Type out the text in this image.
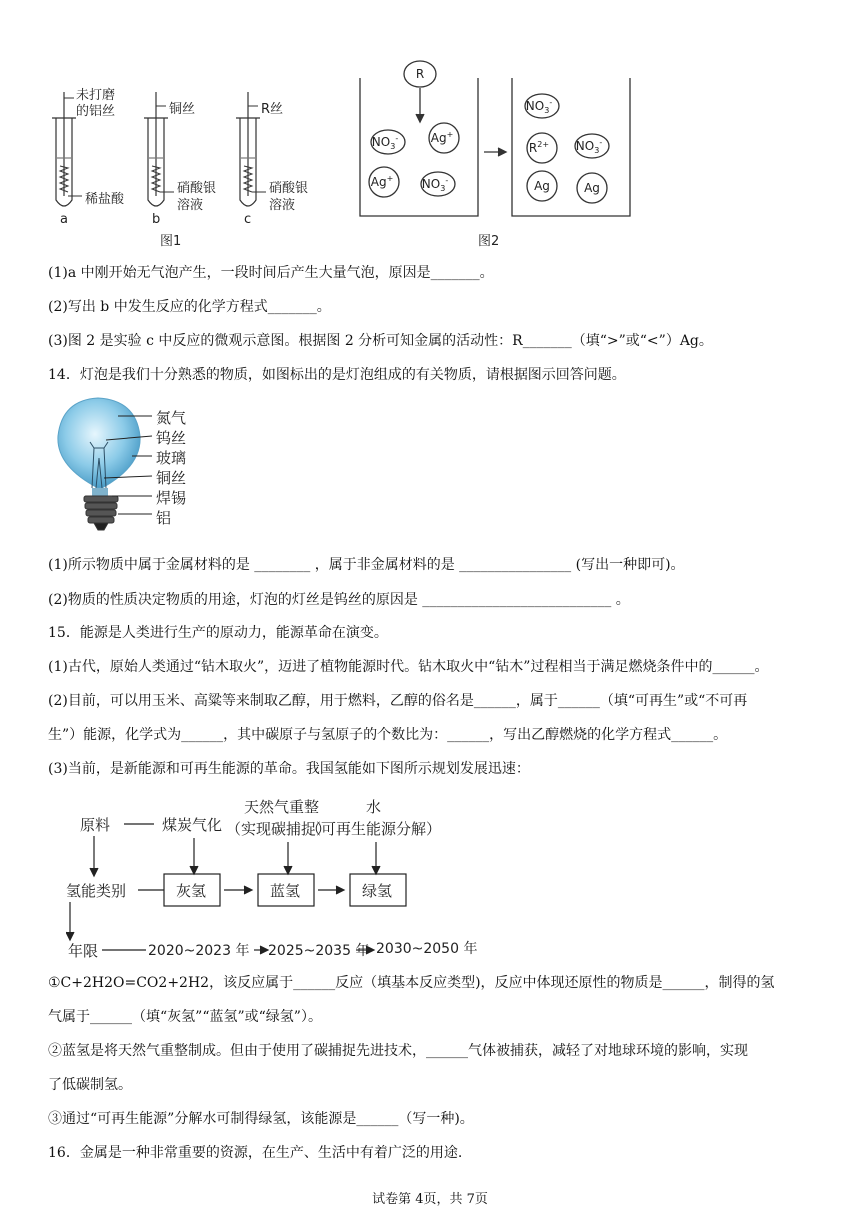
未打磨
的铝丝	铜丝	R丝
稀盐酸
硝酸银
溶液
硝酸银
溶液
a	b	c
图1
R
$NO_3^-$	Ag+
Ag+ $NO_3^-$
$NO_3^-$
$R^{2+}$ $NO_3^-$
Ag	Ag
图2
(1)a 中刚开始无气泡产生，一段时间后产生大量气泡，原因是_______。
(2)写出 b 中发生反应的化学方程式_______。
(3)图 2 是实验 c 中反应的微观示意图。根据图 2 分析可知金属的活动性：R_______（填“>”或“<”）Ag。
14．灯泡是我们十分熟悉的物质，如图标出的是灯泡组成的有关物质，请根据图示回答问题。
氮气
钨丝
玻璃
铜丝
焊锡
铝
(1)所示物质中属于金属材料的是 ________ ，属于非金属材料的是 ________________ (写出一种即可)。
(2)物质的性质决定物质的用途，灯泡的灯丝是钨丝的原因是 ___________________________ 。
15．能源是人类进行生产的原动力，能源革命在演变。
(1)古代，原始人类通过“钻木取火”，迈进了植物能源时代。钻木取火中“钻木”过程相当于满足燃烧条件中的______。
(2)目前，可以用玉米、高粱等来制取乙醇，用于燃料，乙醇的俗名是______，属于______（填“可再生”或“不可再
生”）能源，化学式为______，其中碳原子与氢原子的个数比为：______，写出乙醇燃烧的化学方程式______。
(3)当前，是新能源和可再生能源的革命。我国氢能如下图所示规划发展迅速：
原料	煤炭气化
天然气重整
（实现碳捕捉）
水
（可再生能源分解）
氢能类别	灰氢	蓝氢	绿氢
年限	2020~2023 年 2025~2035 年 2030~2050 年
①C+2H2O=CO2+2H2，该反应属于______反应（填基本反应类型)，反应中体现还原性的物质是______，制得的氢
气属于______（填“灰氢”“蓝氢”或“绿氢”）。
②蓝氢是将天然气重整制成。但由于使用了碳捕捉先进技术，______气体被捕获，减轻了对地球环境的影响，实现
了低碳制氢。
③通过“可再生能源”分解水可制得绿氢，该能源是______（写一种)。
16．金属是一种非常重要的资源，在生产、生活中有着广泛的用途.
试卷第 4页，共 7页
